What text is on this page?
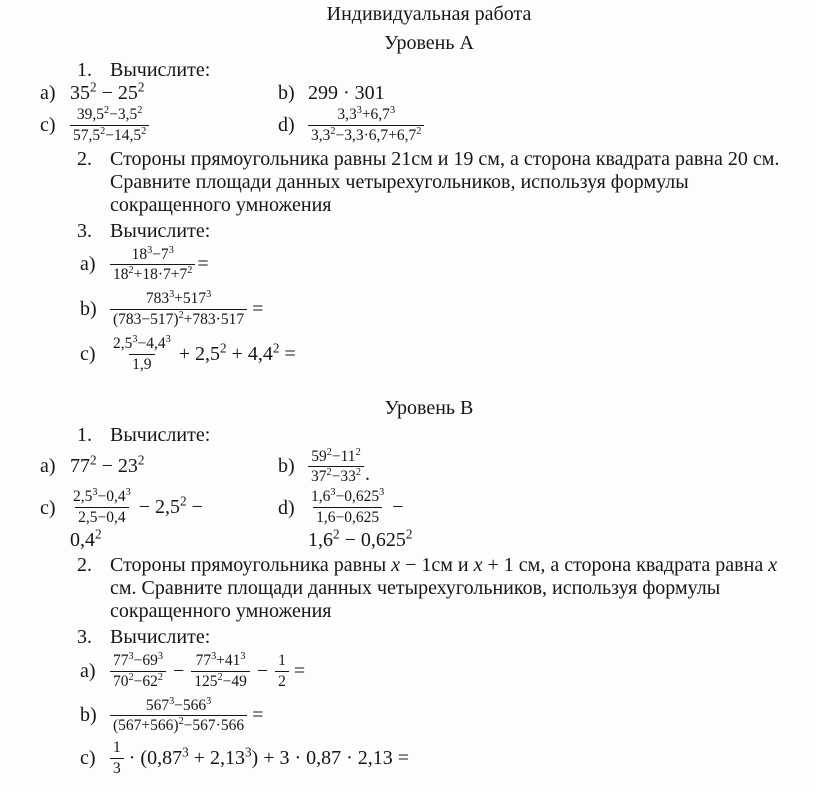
Индивидуальная работа
Уровень А
1. Вычислите:
a) $35^2 - 25^2$	b) 299 · 301
$c) \frac{39,5^2-3,5^2}{57,5^2-14,5^2}$	$d) \frac{3,3^3+6,7^3}{3,3^2-3,3\cdot 6,7+6,7^2}$
2. Стороны прямоугольника равны 21см и 19 см, а сторона квадрата равна 20 см. Сравните площади данных четырехугольников, используя формулы сокращенного умножения
3. Вычислите:
$a) \frac{18^3-7^3}{18^2+18\cdot 7+7^2}$ =
$b) \frac{783^3+517^3}{(783-517)^2+783\cdot 517}$ =
$c) \frac{2,5^3-4,4^3}{1,9} + 2,5^2 + 4,4^2$ =
Уровень В
1. Вычислите:
a) $77^2 - 23^2$	$b) \frac{59^2-11^2}{37^2-33^2}$ .
$c) \frac{2,5^3-0,4^3}{2,5-0,4} - 2,5^2$ −
$0,4^2$
$d) \frac{1,6^3-0,625^3}{1,6-0,625}$ −
$1,6^2 - 0,625^2$
2. Стороны прямоугольника равны x − 1см и x + 1 см, а сторона квадрата равна x см. Сравните площади данных четырехугольников, используя формулы сокращенного умножения
3. Вычислите:
$a) \frac{77^3-69^3}{70^2-62^2} - \frac{77^3+41^3}{125^2-49} - \frac{1}{2}$ =
$b) \frac{567^3-566^3}{(567+566)^2-567\cdot 566}$ =
$c) \frac{1}{3} \cdot (0,87^3 + 2,13^3) + 3 \cdot 0,87 \cdot 2,13$ =
